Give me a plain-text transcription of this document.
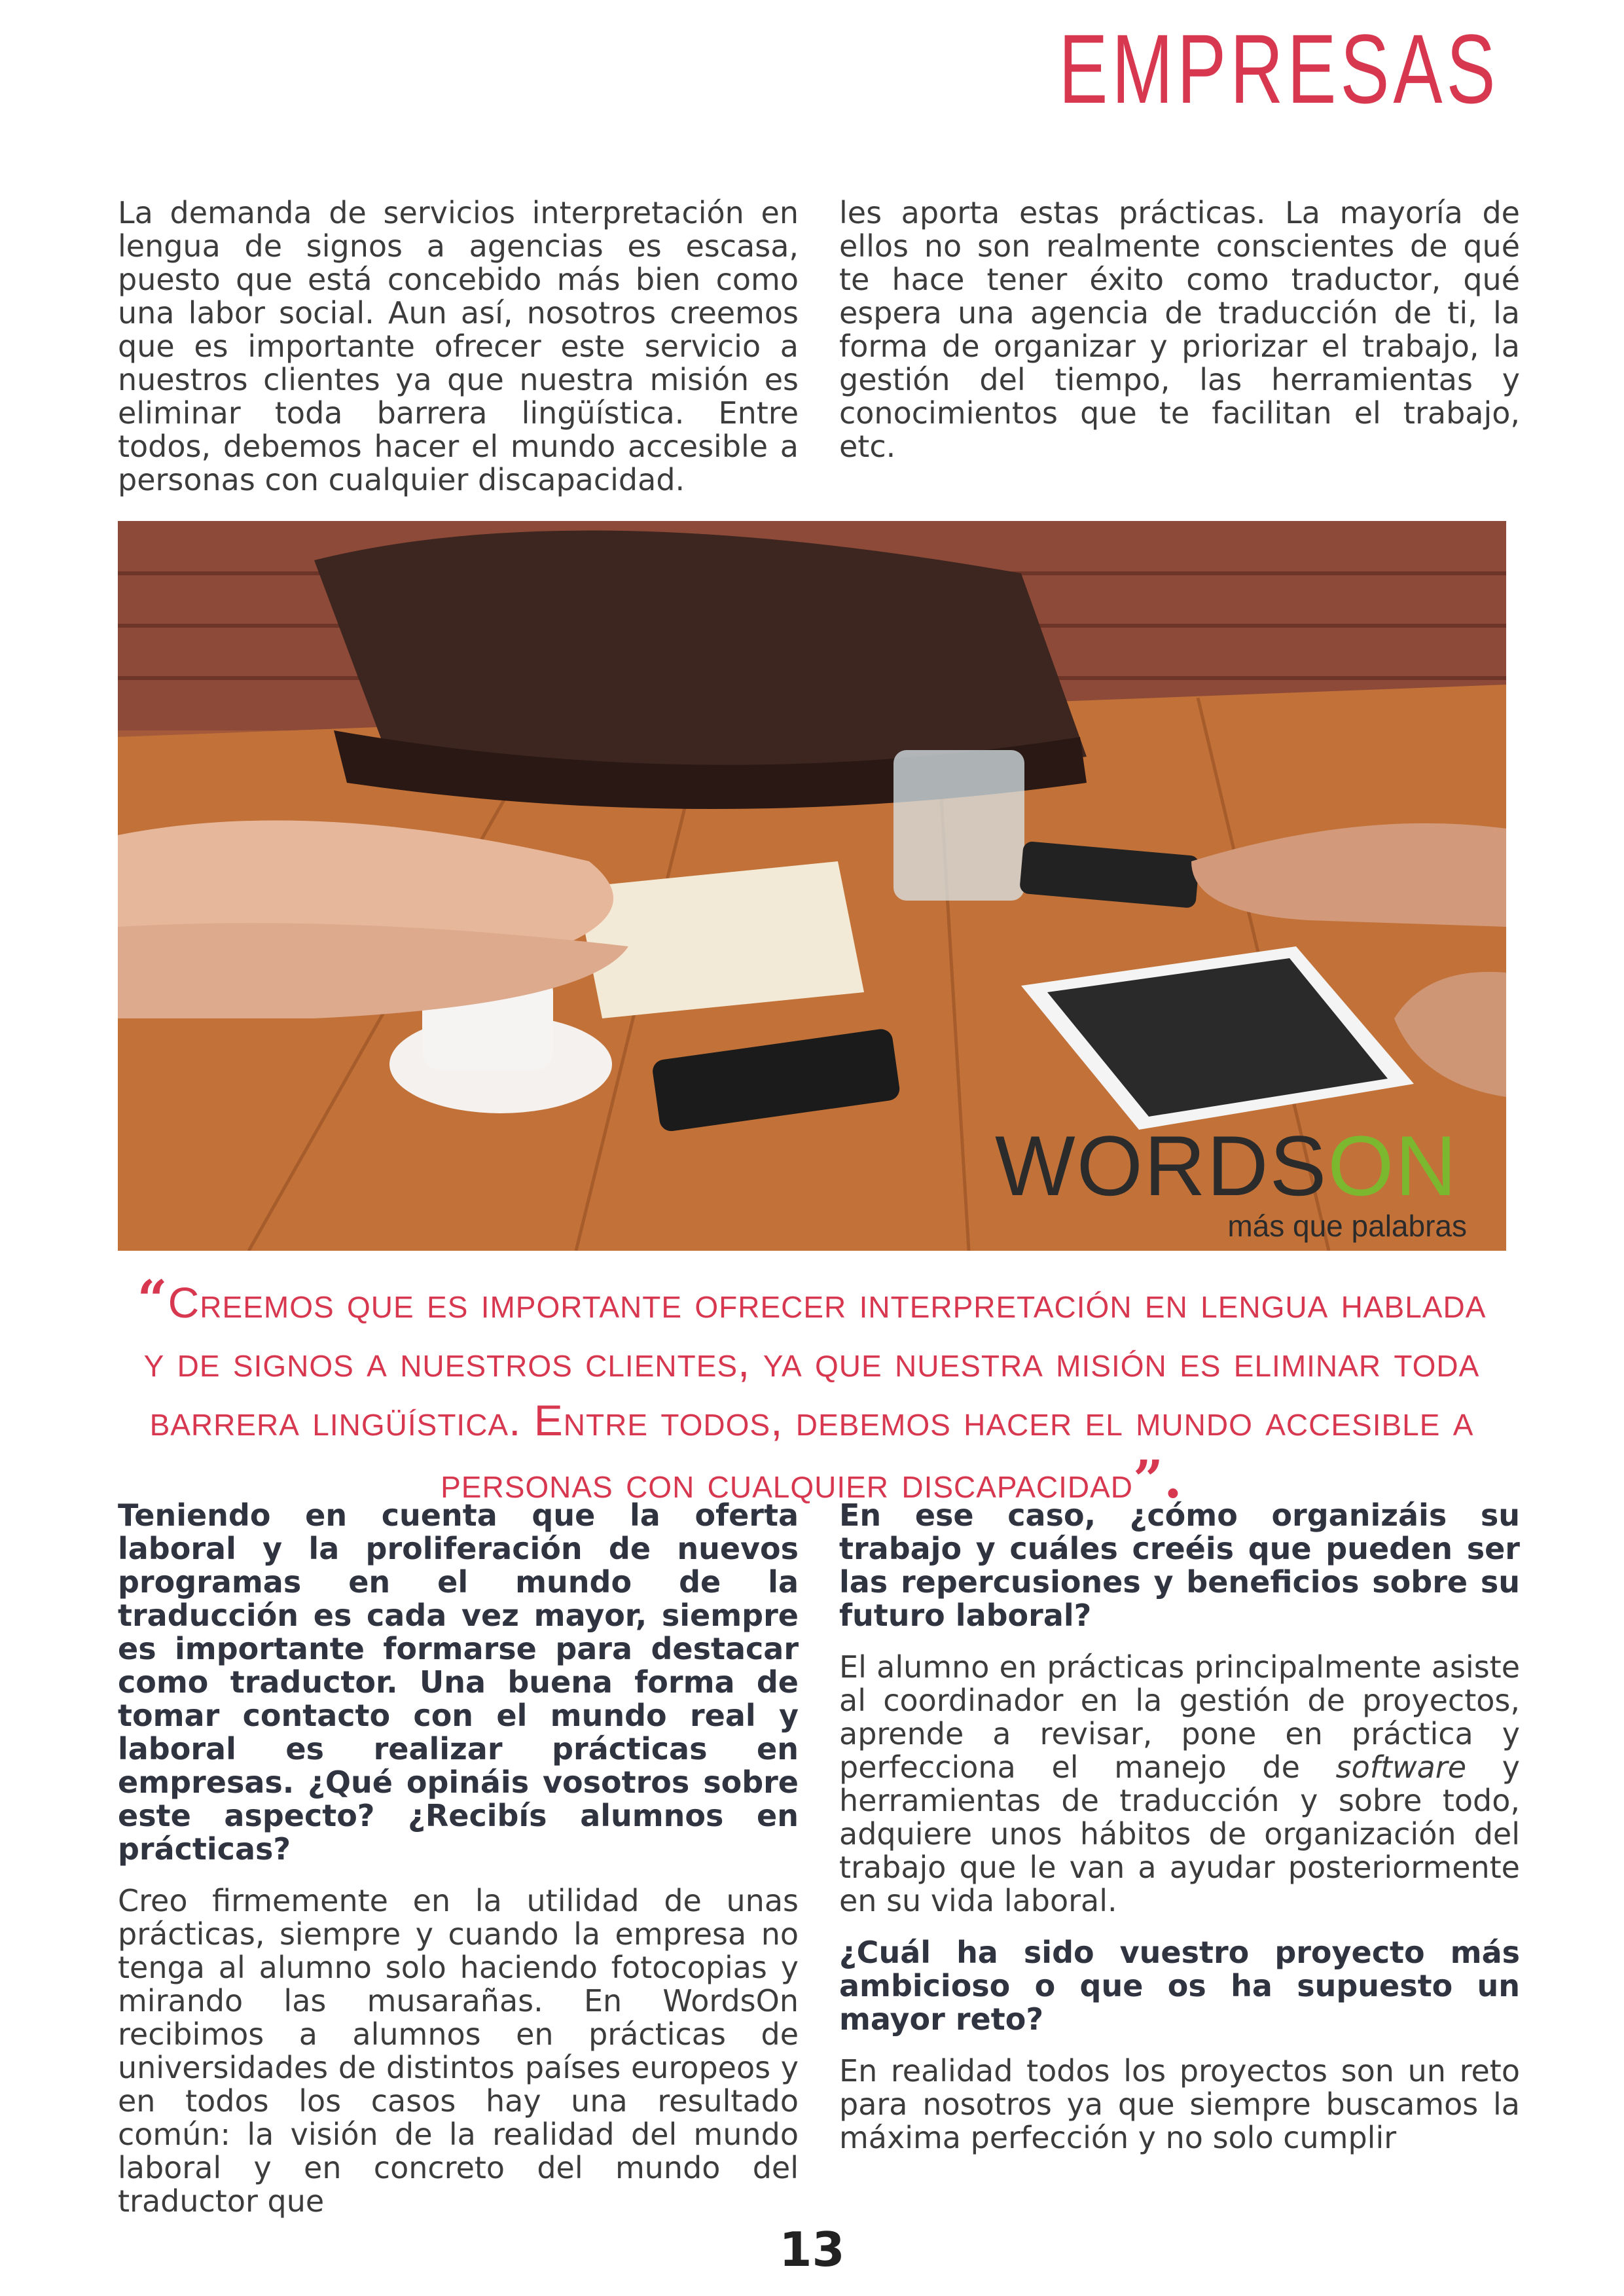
EMPRESAS

La demanda de servicios interpretación en lengua de signos a agencias es escasa, puesto que está concebido más bien como una labor social. Aun así, nosotros creemos que es importante ofrecer este servicio a nuestros clientes ya que nuestra misión es eliminar toda barrera lingüística. Entre todos, debemos hacer el mundo accesible a personas con cualquier discapacidad.

les aporta estas prácticas. La mayoría de ellos no son realmente conscientes de qué te hace tener éxito como traductor, qué espera una agencia de traducción de ti, la forma de organizar y priorizar el trabajo, la gestión del tiempo, las herramientas y conocimientos que te facilitan el trabajo, etc.

WORDSON
más que palabras
“Creemos que es importante ofrecer interpretación en lengua hablada y de signos a nuestros clientes, ya que nuestra misión es eliminar toda barrera lingüística. Entre todos, debemos hacer el mundo accesible a personas con cualquier discapacidad”.

Teniendo en cuenta que la oferta laboral y la proliferación de nuevos programas en el mundo de la traducción es cada vez mayor, siempre es importante formarse para destacar como traductor. Una buena forma de tomar contacto con el mundo real y laboral es realizar prácticas en empresas. ¿Qué opináis vosotros sobre este aspecto? ¿Recibís alumnos en prácticas?

Creo firmemente en la utilidad de unas prácticas, siempre y cuando la empresa no tenga al alumno solo haciendo fotocopias y mirando las musarañas. En WordsOn recibimos a alumnos en prácticas de universidades de distintos países europeos y en todos los casos hay una resultado común: la visión de la realidad del mundo laboral y en concreto del mundo del traductor que

En ese caso, ¿cómo organizáis su trabajo y cuáles creéis que pueden ser las repercusiones y beneficios sobre su futuro laboral?

El alumno en prácticas principalmente asiste al coordinador en la gestión de proyectos, aprende a revisar, pone en práctica y perfecciona el manejo de software y herramientas de traducción y sobre todo, adquiere unos hábitos de organización del trabajo que le van a ayudar posteriormente en su vida laboral.

¿Cuál ha sido vuestro proyecto más ambicioso o que os ha supuesto un mayor reto?

En realidad todos los proyectos son un reto para nosotros ya que siempre buscamos la máxima perfección y no solo cumplir

13
